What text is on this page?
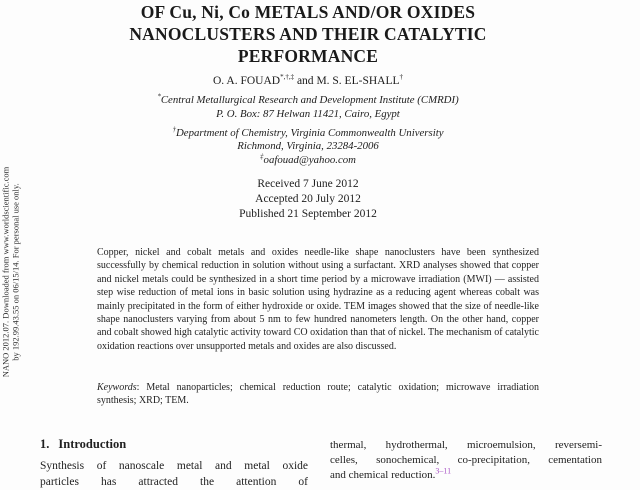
NANO 2012.07. Downloaded from www.worldscientific.com by 192.99.43.55 on 06/15/14. For personal use only.
OF Cu, Ni, Co METALS AND/OR OXIDES
NANOCLUSTERS AND THEIR CATALYTIC
PERFORMANCE
O. A. FOUAD*,†,‡ and M. S. EL-SHALL†
*Central Metallurgical Research and Development Institute (CMRDI)
P. O. Box: 87 Helwan 11421, Cairo, Egypt
†Department of Chemistry, Virginia Commonwealth University
Richmond, Virginia, 23284-2006
‡oafouad@yahoo.com
Received 7 June 2012
Accepted 20 July 2012
Published 21 September 2012
Copper, nickel and cobalt metals and oxides needle-like shape nanoclusters have been synthesized successfully by chemical reduction in solution without using a surfactant. XRD analyses showed that copper and nickel metals could be synthesized in a short time period by a microwave irradiation (MWI) — assisted step wise reduction of metal ions in basic solution using hydrazine as a reducing agent whereas cobalt was mainly precipitated in the form of either hydroxide or oxide. TEM images showed that the size of needle-like shape nanoclusters varying from about 5 nm to few hundred nanometers length. On the other hand, copper and cobalt showed high catalytic activity toward CO oxidation than that of nickel. The mechanism of catalytic oxidation reactions over unsupported metals and oxides are also discussed.
Keywords: Metal nanoparticles; chemical reduction route; catalytic oxidation; microwave irradiation synthesis; XRD; TEM.
1. Introduction
Synthesis of nanoscale metal and metal oxide
particles has attracted the attention of
thermal, hydrothermal, microemulsion, reversemi-
celles, sonochemical, co-precipitation, cementation
and chemical reduction.$^{3-11}$
